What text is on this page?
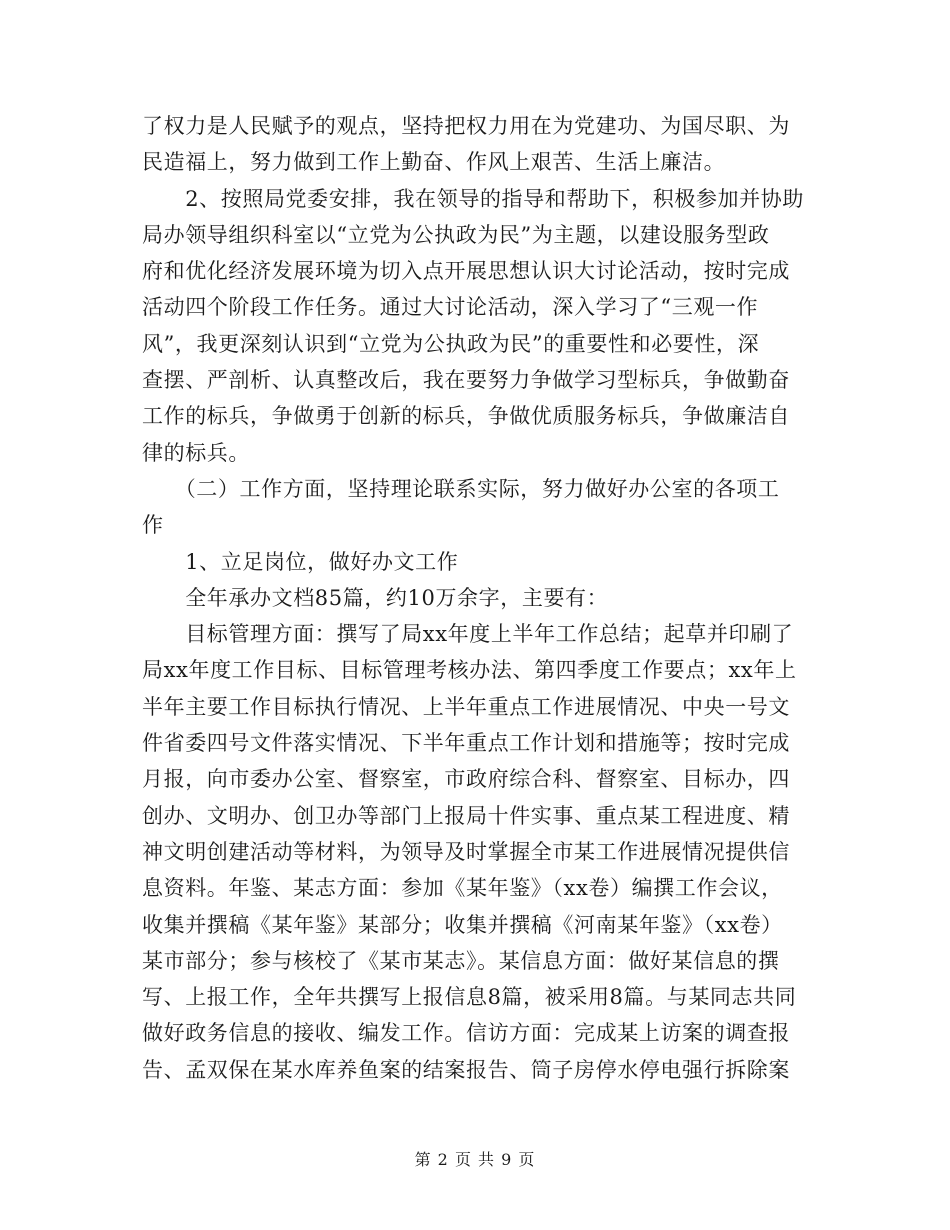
了权力是人民赋予的观点，坚持把权力用在为党建功、为国尽职、为
民造福上，努力做到工作上勤奋、作风上艰苦、生活上廉洁。
　　2、按照局党委安排，我在领导的指导和帮助下，积极参加并协助
局办领导组织科室以“立党为公执政为民”为主题，以建设服务型政
府和优化经济发展环境为切入点开展思想认识大讨论活动，按时完成
活动四个阶段工作任务。通过大讨论活动，深入学习了“三观一作
风”，我更深刻认识到“立党为公执政为民”的重要性和必要性，深
查摆、严剖析、认真整改后，我在要努力争做学习型标兵，争做勤奋
工作的标兵，争做勇于创新的标兵，争做优质服务标兵，争做廉洁自
律的标兵。
　　（二）工作方面，坚持理论联系实际，努力做好办公室的各项工
作
　　1、立足岗位，做好办文工作
　　全年承办文档85篇，约10万余字，主要有：
　　目标管理方面：撰写了局xx年度上半年工作总结；起草并印刷了
局xx年度工作目标、目标管理考核办法、第四季度工作要点；xx年上
半年主要工作目标执行情况、上半年重点工作进展情况、中央一号文
件省委四号文件落实情况、下半年重点工作计划和措施等；按时完成
月报，向市委办公室、督察室，市政府综合科、督察室、目标办，四
创办、文明办、创卫办等部门上报局十件实事、重点某工程进度、精
神文明创建活动等材料，为领导及时掌握全市某工作进展情况提供信
息资料。年鉴、某志方面：参加《某年鉴》（xx卷）编撰工作会议，
收集并撰稿《某年鉴》某部分；收集并撰稿《河南某年鉴》（xx卷）
某市部分；参与核校了《某市某志》。某信息方面：做好某信息的撰
写、上报工作，全年共撰写上报信息8篇，被采用8篇。与某同志共同
做好政务信息的接收、编发工作。信访方面：完成某上访案的调查报
告、孟双保在某水库养鱼案的结案报告、筒子房停水停电强行拆除案
第 2 页 共 9 页
